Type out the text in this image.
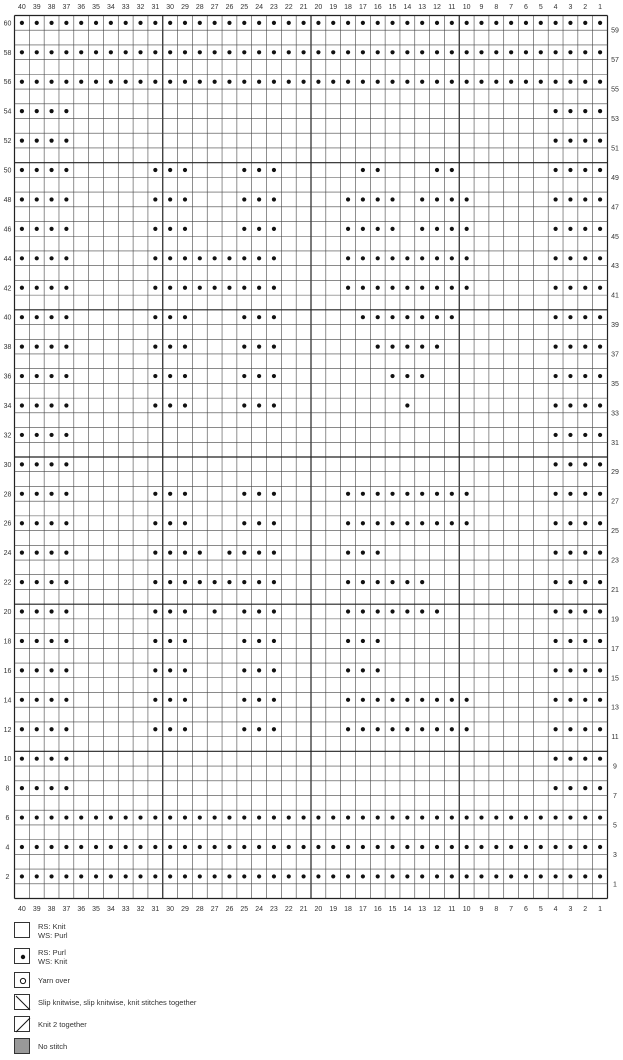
40
40
39
39
38
38
37
37
36
36
35
35
34
34
33
33
32
32
31
31
30
30
29
29
28
28
27
27
26
26
25
25
24
24
23
23
22
22
21
21
20
20
19
19
18
18
17
17
16
16
15
15
14
14
13
13
12
12
11
11
10
10
9
9
8
8
7
7
6
6
5
5
4
4
3
3
2
2
1
1
60
58
56
54
52
50
48
46
44
42
40
38
36
34
32
30
28
26
24
22
20
18
16
14
12
10
8
6
4
2
59
57
55
53
51
49
47
45
43
41
39
37
35
33
31
29
27
25
23
21
19
17
15
13
11
9
7
5
3
1
RS: Knit
WS: Purl
RS: Purl
WS: Knit
Yarn over
Slip knitwise, slip knitwise, knit stitches together
Knit 2 together
No stitch
